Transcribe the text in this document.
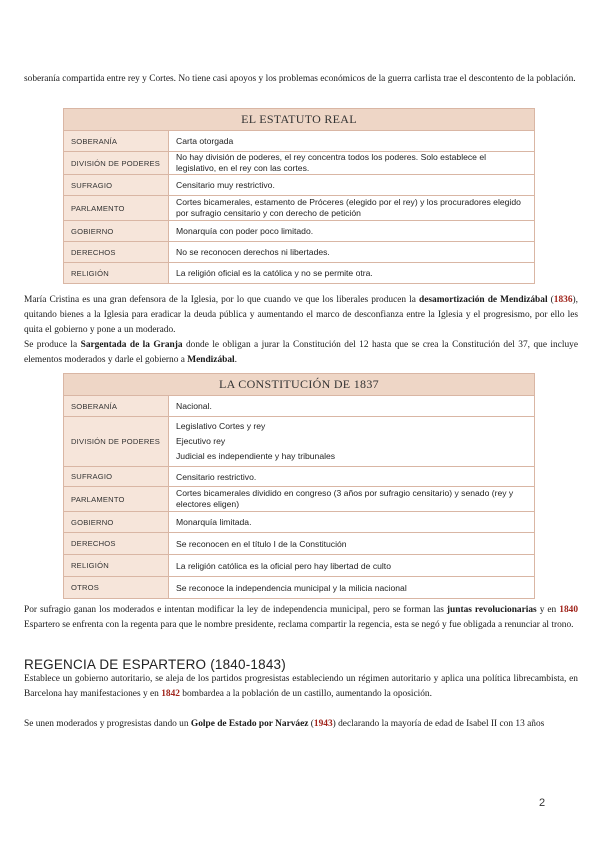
soberanía compartida entre rey y Cortes. No tiene casi apoyos y los problemas económicos de la guerra carlista trae el descontento de la población.

EL ESTATUTO REAL	
SOBERANÍA	Carta otorgada
DIVISIÓN DE PODERES	No hay división de poderes, el rey concentra todos los poderes. Solo establece el legislativo, en el rey con las cortes.
SUFRAGIO	Censitario muy restrictivo.
PARLAMENTO	Cortes bicamerales, estamento de Próceres (elegido por el rey) y los procuradores elegido por sufragio censitario y con derecho de petición
GOBIERNO	Monarquía con poder poco limitado.
DERECHOS	No se reconocen derechos ni libertades.
RELIGIÓN	La religión oficial es la católica y no se permite otra.

María Cristina es una gran defensora de la Iglesia, por lo que cuando ve que los liberales producen la desamortización de Mendizábal (1836), quitando bienes a la Iglesia para eradicar la deuda pública y aumentando el marco de desconfianza entre la Iglesia y el progresismo, por ello les quita el gobierno y pone a un moderado.

Se produce la Sargentada de la Granja donde le obligan a jurar la Constitución del 12 hasta que se crea la Constitución del 37, que incluye elementos moderados y darle el gobierno a Mendizábal.

LA CONSTITUCIÓN DE 1837	
SOBERANÍA	Nacional.
DIVISIÓN DE PODERES	Legislativo Cortes y rey
Ejecutivo rey
Judicial es independiente y hay tribunales

SUFRAGIO	Censitario restrictivo.
PARLAMENTO	Cortes bicamerales dividido en congreso (3 años por sufragio censitario) y senado (rey y electores eligen)
GOBIERNO	Monarquía limitada.
DERECHOS	Se reconocen en el título I de la Constitución
RELIGIÓN	La religión católica es la oficial pero hay libertad de culto
OTROS	Se reconoce la independencia municipal y la milicia nacional

Por sufragio ganan los moderados e intentan modificar la ley de independencia municipal, pero se forman las juntas revolucionarias y en 1840 Espartero se enfrenta con la regenta para que le nombre presidente, reclama compartir la regencia, esta se negó y fue obligada a renunciar al trono.

REGENCIA DE ESPARTERO (1840-1843)

Establece un gobierno autoritario, se aleja de los partidos progresistas estableciendo un régimen autoritario y aplica una política librecambista, en Barcelona hay manifestaciones y en 1842 bombardea a la población de un castillo, aumentando la oposición.

Se unen moderados y progresistas dando un Golpe de Estado por Narváez (1943) declarando la mayoría de edad de Isabel II con 13 años

2
